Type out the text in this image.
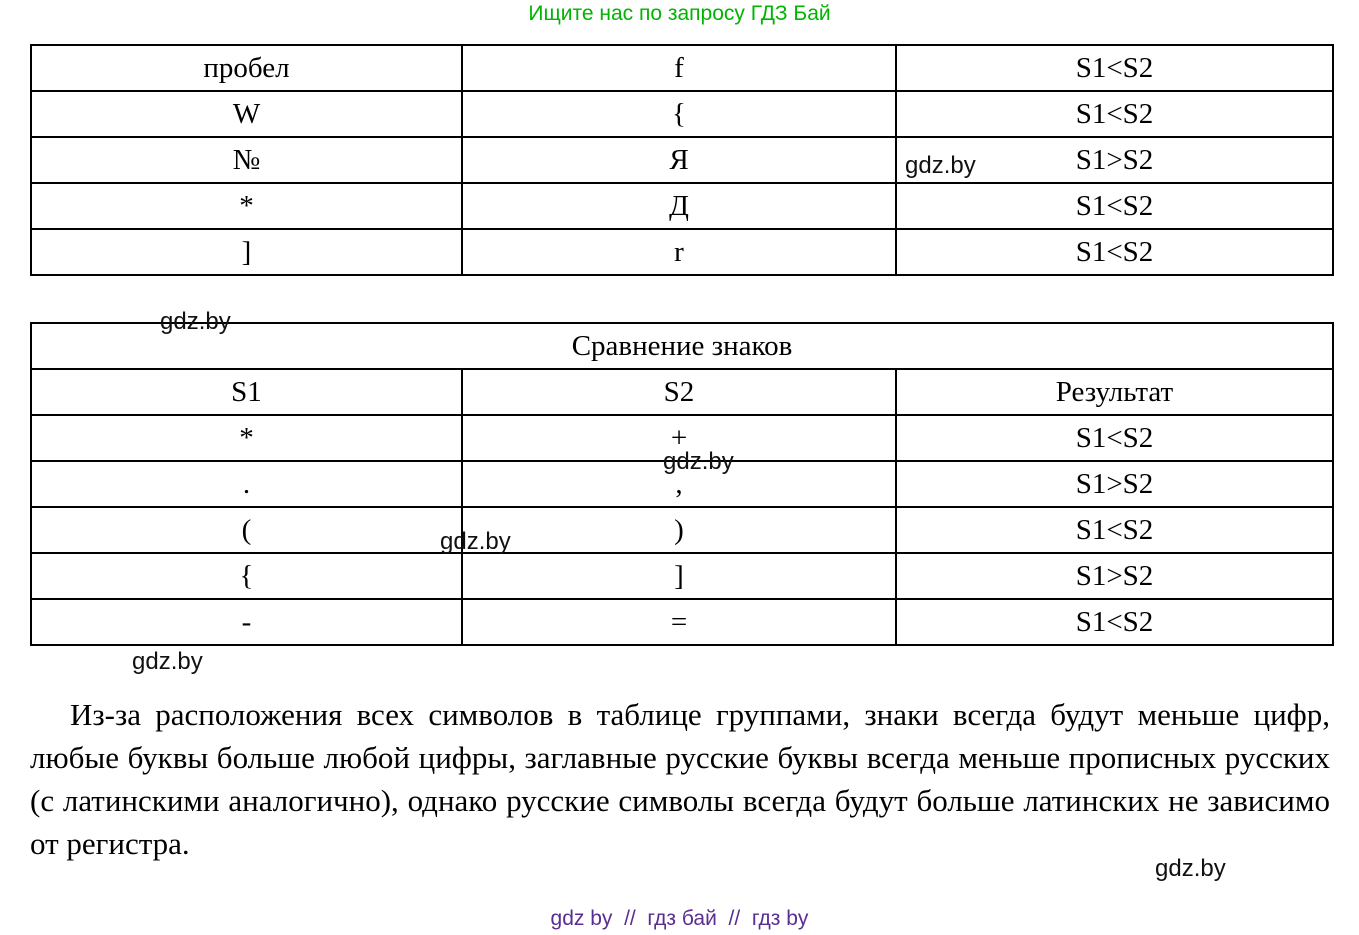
Ищите нас по запросу ГДЗ Бай
пробел	f	S1<S2
W	{	S1<S2
№	Я	S1>S2
*	Д	S1<S2
]	r	S1<S2
Сравнение знаков		
S1	S2	Результат
*	+	S1<S2
.	,	S1>S2
(	)	S1<S2
{	]	S1>S2
-	=	S1<S2
gdz.by
gdz.by
gdz.by
gdz.by
gdz.by
gdz.by

Из-за расположения всех символов в таблице группами, знаки всегда будут меньше цифр, любые буквы больше любой цифры, заглавные русские буквы всегда меньше прописных русских (с латинскими аналогично), однако русские символы всегда будут больше латинских не зависимо от регистра.

gdz by  //  гдз бай  //  гдз by
